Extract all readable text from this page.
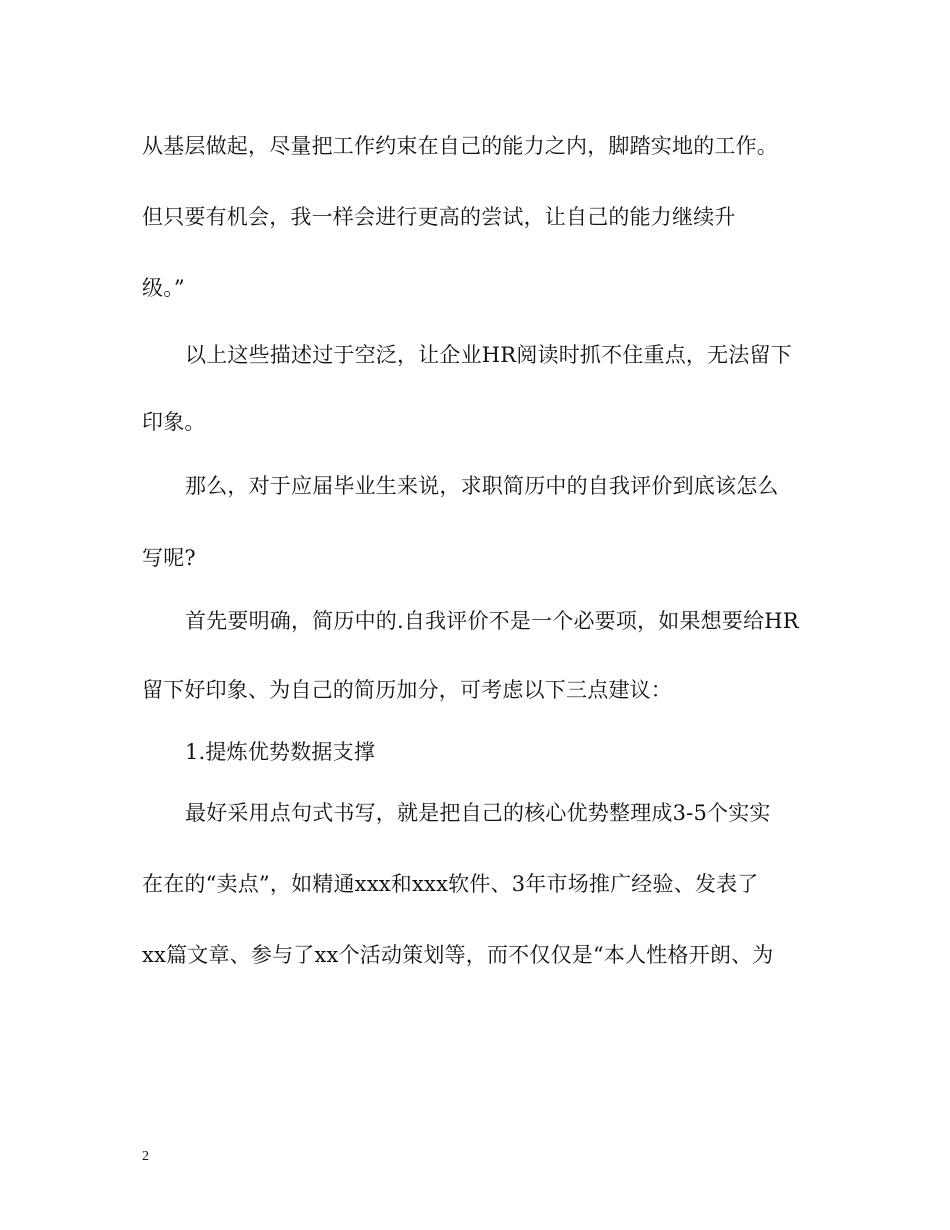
从基层做起，尽量把工作约束在自己的能力之内，脚踏实地的工作。
但只要有机会，我一样会进行更高的尝试，让自己的能力继续升
级。”
以上这些描述过于空泛，让企业HR阅读时抓不住重点，无法留下
印象。
那么，对于应届毕业生来说，求职简历中的自我评价到底该怎么
写呢?
首先要明确，简历中的.自我评价不是一个必要项，如果想要给HR
留下好印象、为自己的简历加分，可考虑以下三点建议：
1.提炼优势数据支撑
最好采用点句式书写，就是把自己的核心优势整理成3-5个实实
在在的“卖点”，如精通xxx和xxx软件、3年市场推广经验、发表了
xx篇文章、参与了xx个活动策划等，而不仅仅是“本人性格开朗、为
2
